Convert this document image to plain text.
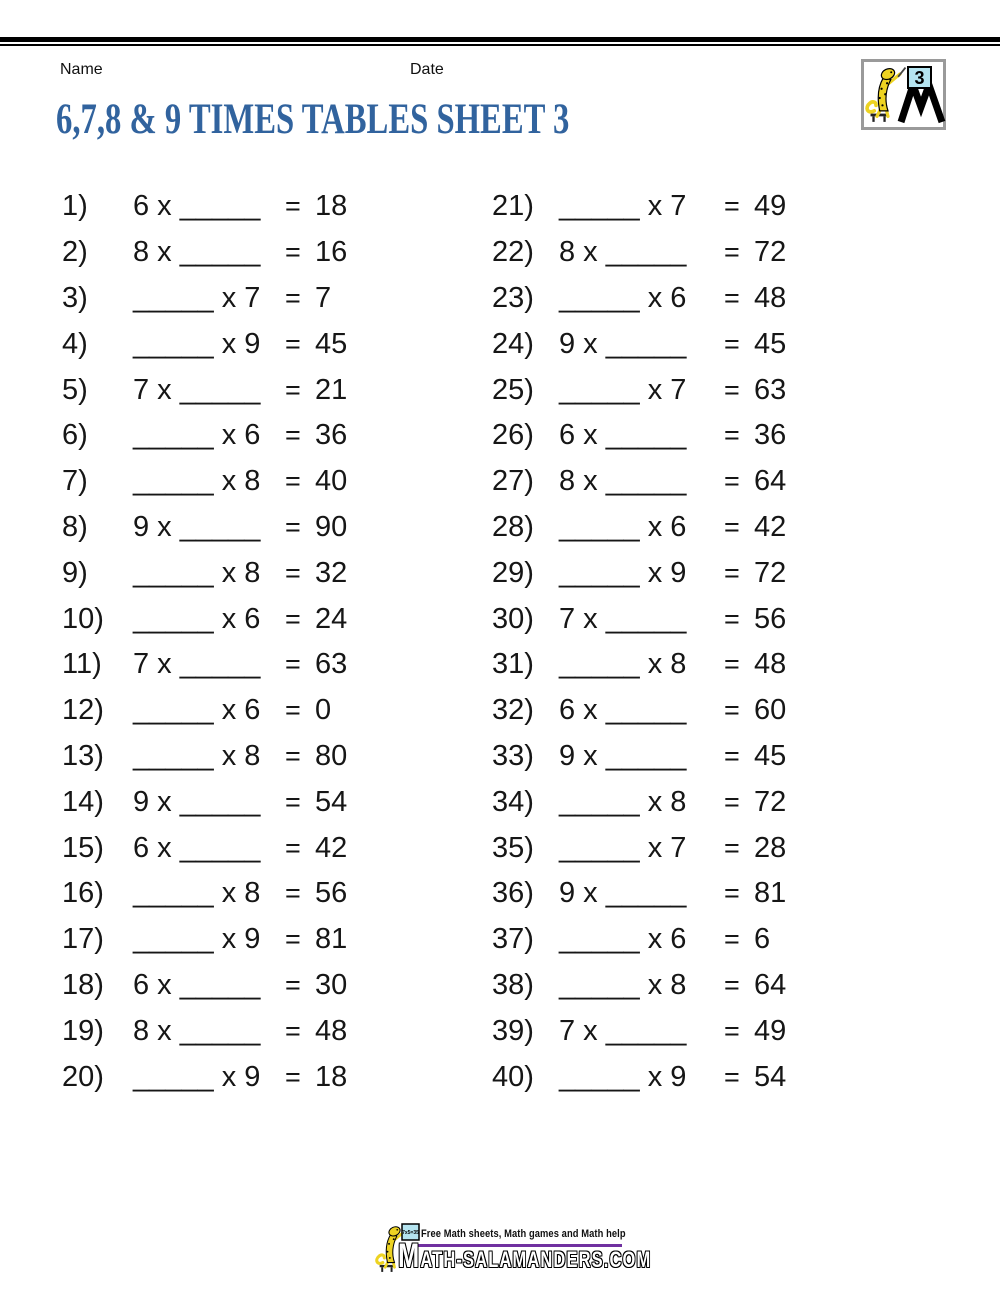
Name	Date	3
6,7,8 & 9 TIMES TABLES SHEET 3
1)	6 x _____ = 18
2)	8 x _____ = 16
3)	_____ x 7 = 7
4)	_____ x 9 = 45
5)	7 x _____ = 21
6)	_____ x 6 = 36
7)	_____ x 8 = 40
8)	9 x _____ = 90
9)	_____ x 8 = 32
10)	_____ x 6 = 24
11)	7 x _____ = 63
12)	_____ x 6 = 0
13)	_____ x 8 = 80
14)	9 x _____ = 54
15)	6 x _____ = 42
16)	_____ x 8 = 56
17)	_____ x 9 = 81
18)	6 x _____ = 30
19)	8 x _____ = 48
20)	_____ x 9 = 18
21) _____ x 7	= 49
22) 8 x _____	= 72
23) _____ x 6	= 48
24) 9 x _____	= 45
25) _____ x 7	= 63
26) 6 x _____	= 36
27) 8 x _____	= 64
28) _____ x 6	= 42
29) _____ x 9	= 72
30) 7 x _____	= 56
31) _____ x 8	= 48
32) 6 x _____	= 60
33) 9 x _____	= 45
34) _____ x 8	= 72
35) _____ x 7	= 28
36) 9 x _____	= 81
37) _____ x 6	= 6
38) _____ x 8	= 64
39) 7 x _____	= 49
40) _____ x 9	= 54
7x5=35 Free Math sheets, Math games and Math help
M ATH-SALAMANDERS.COM
